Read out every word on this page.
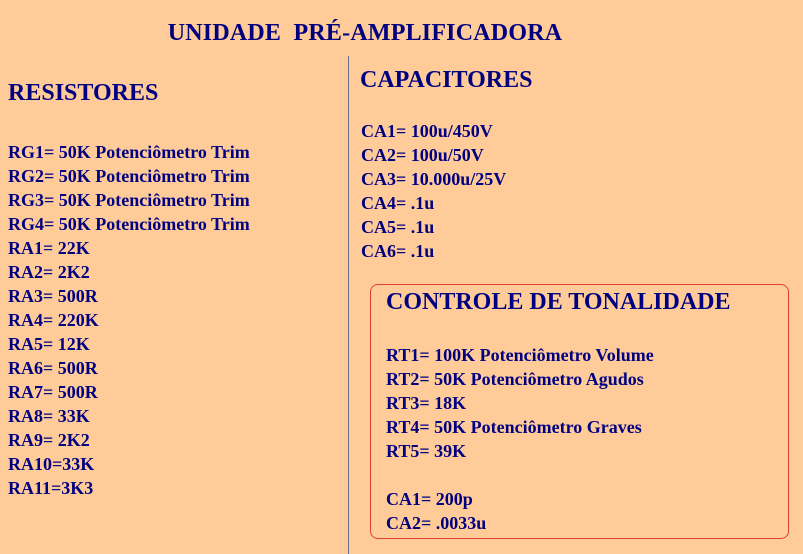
UNIDADE  PRÉ-AMPLIFICADORA
RESISTORES
RG1= 50K Potenciômetro Trim
RG2= 50K Potenciômetro Trim
RG3= 50K Potenciômetro Trim
RG4= 50K Potenciômetro Trim
RA1= 22K
RA2= 2K2
RA3= 500R
RA4= 220K
RA5= 12K
RA6= 500R
RA7= 500R
RA8= 33K
RA9= 2K2
RA10=33K
RA11=3K3
CAPACITORES
CA1= 100u/450V
CA2= 100u/50V
CA3= 10.000u/25V
CA4= .1u
CA5= .1u
CA6= .1u
CONTROLE DE TONALIDADE
RT1= 100K Potenciômetro Volume
RT2= 50K Potenciômetro Agudos
RT3= 18K
RT4= 50K Potenciômetro Graves
RT5= 39K
CA1= 200p
CA2= .0033u
